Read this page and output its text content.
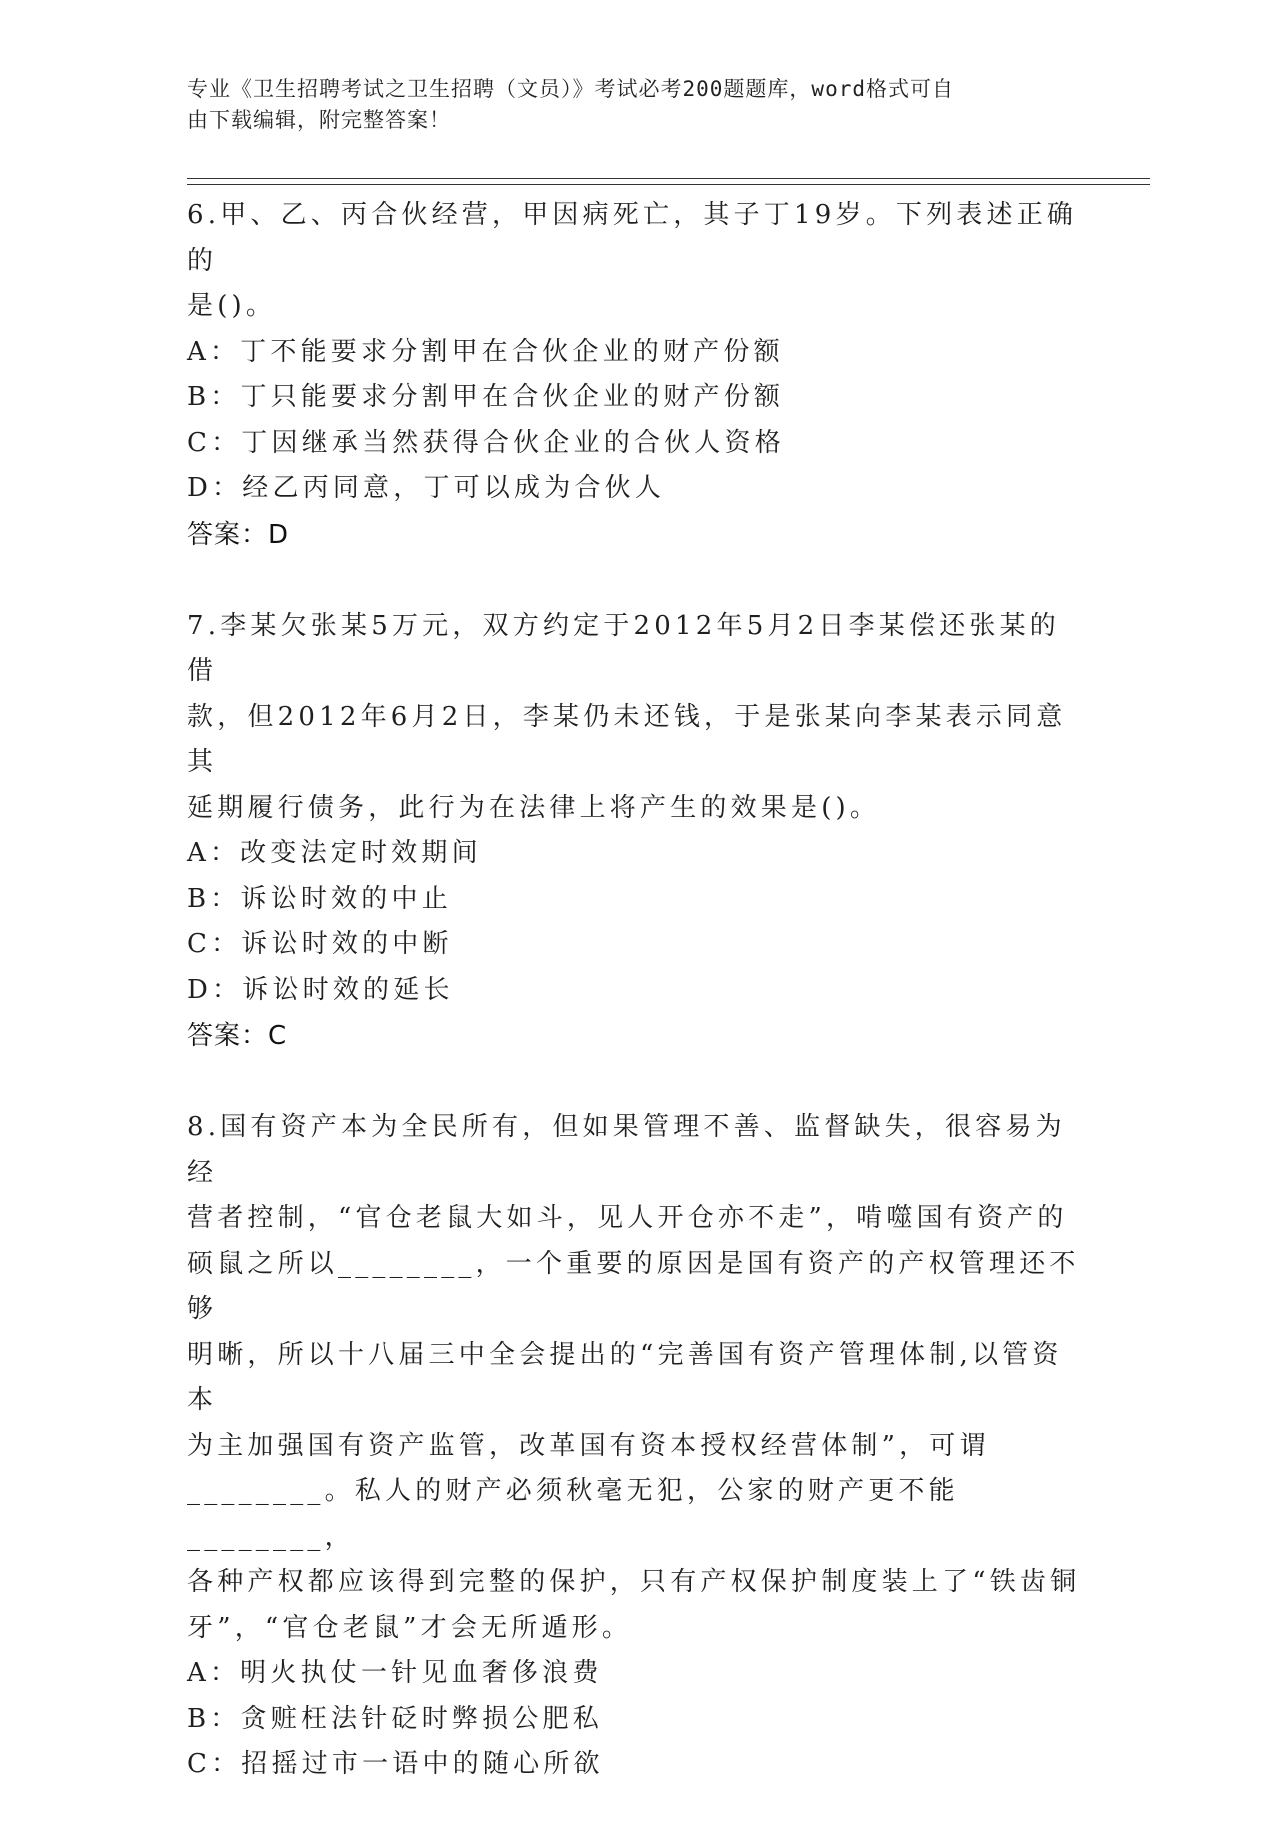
专业《卫生招聘考试之卫生招聘（文员）》考试必考200题题库，word格式可自
由下载编辑，附完整答案！
6.甲、乙、丙合伙经营，甲因病死亡，其子丁19岁。下列表述正确的
是()。
A：丁不能要求分割甲在合伙企业的财产份额
B：丁只能要求分割甲在合伙企业的财产份额
C：丁因继承当然获得合伙企业的合伙人资格
D：经乙丙同意，丁可以成为合伙人
答案：D
7.李某欠张某5万元，双方约定于2012年5月2日李某偿还张某的借
款，但2012年6月2日，李某仍未还钱，于是张某向李某表示同意其
延期履行债务，此行为在法律上将产生的效果是()。
A：改变法定时效期间
B：诉讼时效的中止
C：诉讼时效的中断
D：诉讼时效的延长
答案：C
8.国有资产本为全民所有，但如果管理不善、监督缺失，很容易为经
营者控制，“官仓老鼠大如斗，见人开仓亦不走”，啃噬国有资产的
硕鼠之所以________，一个重要的原因是国有资产的产权管理还不够
明晰，所以十八届三中全会提出的“完善国有资产管理体制,以管资本
为主加强国有资产监管，改革国有资本授权经营体制”，可谓
________。私人的财产必须秋毫无犯，公家的财产更不能________，
各种产权都应该得到完整的保护，只有产权保护制度装上了“铁齿铜
牙”，“官仓老鼠”才会无所遁形。
A：明火执仗一针见血奢侈浪费
B：贪赃枉法针砭时弊损公肥私
C：招摇过市一语中的随心所欲
